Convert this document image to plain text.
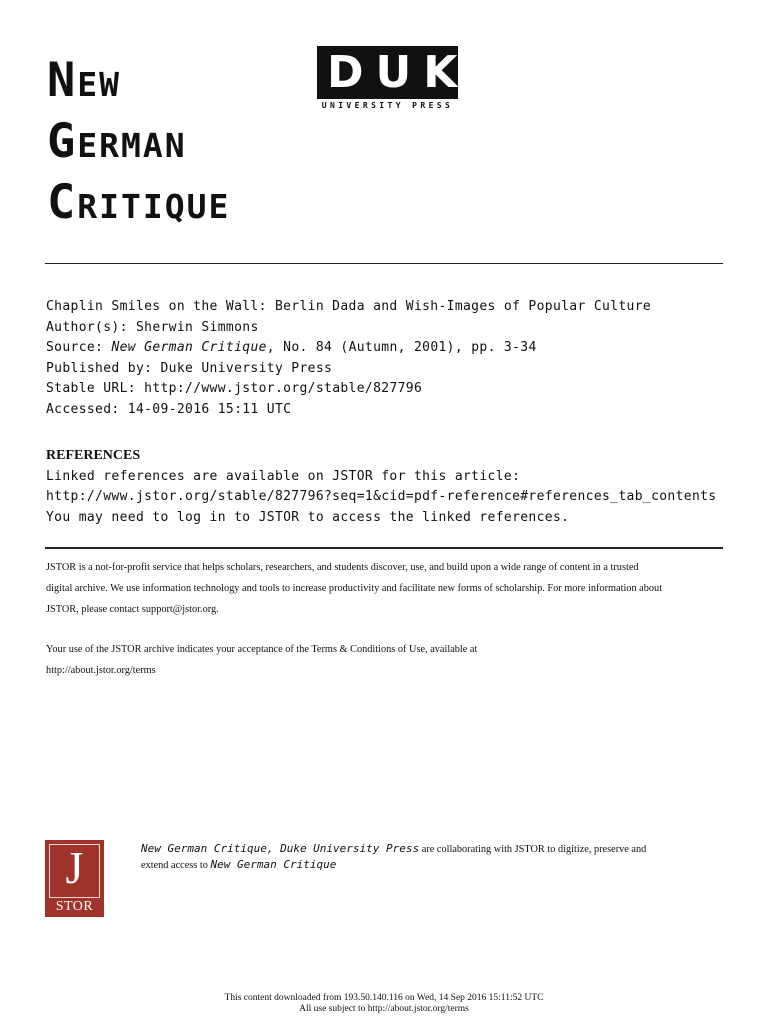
New
German
Critique
DUKE
UNIVERSITY PRESS
Chaplin Smiles on the Wall: Berlin Dada and Wish-Images of Popular Culture
Author(s): Sherwin Simmons
Source: New German Critique, No. 84 (Autumn, 2001), pp. 3-34
Published by: Duke University Press
Stable URL: http://www.jstor.org/stable/827796
Accessed: 14-09-2016 15:11 UTC
REFERENCES
Linked references are available on JSTOR for this article:
http://www.jstor.org/stable/827796?seq=1&cid=pdf-reference#references_tab_contents
You may need to log in to JSTOR to access the linked references.

JSTOR is a not-for-profit service that helps scholars, researchers, and students discover, use, and build upon a wide range of content in a trusted

digital archive. We use information technology and tools to increase productivity and facilitate new forms of scholarship. For more information about

JSTOR, please contact support@jstor.org.

Your use of the JSTOR archive indicates your acceptance of the Terms & Conditions of Use, available at

http://about.jstor.org/terms

J
STOR
New German Critique, Duke University Press are collaborating with JSTOR to digitize, preserve and
extend access to New German Critique
This content downloaded from 193.50.140.116 on Wed, 14 Sep 2016 15:11:52 UTC
All use subject to http://about.jstor.org/terms
